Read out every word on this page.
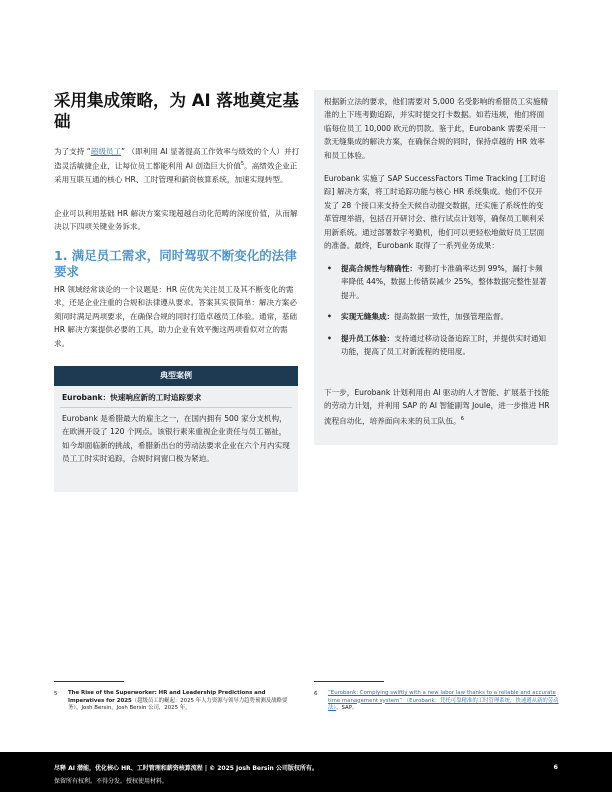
采用集成策略，为 AI 落地奠定基础

为了支持 “超级员工” （即利用 AI 显著提高工作效率与绩效的个人）并打造灵活敏捷企业，让每位员工都能利用 AI 创造巨大价值$^5$。高绩效企业正采用互联互通的核心 HR、工时管理和薪资核算系统，加速实现转型。

企业可以利用基础 HR 解决方案实现超越自动化范畴的深度价值，从而解决以下四项关键业务诉求。

1. 满足员工需求，同时驾驭不断变化的法律要求

HR 领域经常谈论的一个议题是：HR 应优先关注员工及其不断变化的需求，还是企业注重的合规和法律遵从要求。答案其实很简单：解决方案必须同时满足两项要求，在确保合规的同时打造卓越员工体验。通常，基础 HR 解决方案提供必要的工具，助力企业有效平衡这两项看似对立的需求。

典型案例
Eurobank：快速响应新的工时追踪要求

Eurobank 是希腊最大的雇主之一，在国内拥有 500 家分支机构，在欧洲开设了 120 个网点。该银行素来重视企业责任与员工福祉，如今却面临新的挑战，希腊新出台的劳动法要求企业在六个月内实现员工工时实时追踪，合规时间窗口极为紧迫。

根据新立法的要求，他们需要对 5,000 名受影响的希腊员工实施精准的上下班考勤追踪，并实时提交打卡数据。如若违规，他们将面临每位员工 10,000 欧元的罚款。鉴于此，Eurobank 需要采用一款无缝集成的解决方案，在确保合规的同时，保持卓越的 HR 效率和员工体验。

Eurobank 实施了 SAP SuccessFactors Time Tracking [工时追踪] 解决方案，将工时追踪功能与核心 HR 系统集成。他们不仅开发了 28 个接口来支持全天候自动提交数据，还实施了系统性的变革管理举措，包括召开研讨会、推行试点计划等，确保员工顺利采用新系统。通过部署数字考勤机，他们可以更轻松地做好员工层面的准备。最终，Eurobank 取得了一系列业务成果：

• 提高合规性与精确性：考勤打卡准确率达到 99%，漏打卡频率降低 44%，数据上传错误减少 25%，整体数据完整性显著提升。
• 实现无缝集成：提高数据一致性，加强管理监督。
• 提升员工体验：支持通过移动设备追踪工时，并提供实时通知功能，提高了员工对新流程的使用度。

下一步，Eurobank 计划利用由 AI 驱动的人才智能、扩展基于技能的劳动力计划，并利用 SAP 的 AI 智能副驾 Joule，进一步推进 HR 流程自动化，培养面向未来的员工队伍。$^6$

5 The Rise of the Superworker: HR and Leadership Predictions and Imperatives for 2025（超级员工的崛起：2025 年人力资源与领导力趋势预测及战略要务），Josh Bersin，Josh Bersin 公司，2025 年。
6 “Eurobank: Complying swiftly with a new labor law thanks to a reliable and accurate time management system” （Eurobank：凭托可靠精准的工时管理系统，快速遵从新的劳动法），SAP。
尽释 AI 潜能，优化核心 HR、工时管理和薪资核算流程 | © 2025 Josh Bersin 公司版权所有。
保留所有权利。不得分发。授权使用材料。
6
